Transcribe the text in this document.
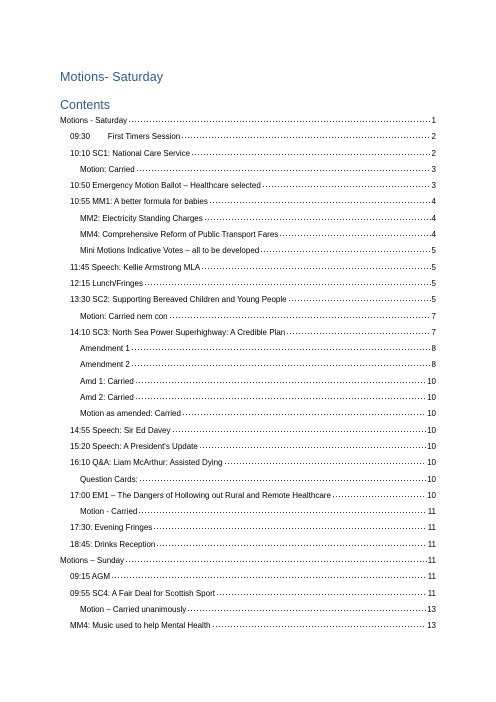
Motions- Saturday
Contents
Motions - Saturday	1
09:30        First Timers Session	2
10:10 SC1: National Care Service	2
Motion: Carried	3
10:50 Emergency Motion Ballot – Healthcare selected	3
10:55 MM1: A better formula for babies	4
MM2: Electricity Standing Charges	4
MM4: Comprehensive Reform of Public Transport Fares	4
Mini Motions Indicative Votes – all to be developed	5
11:45 Speech: Kellie Armstrong MLA	5
12:15 Lunch/Fringes	5
13:30 SC2: Supporting Bereaved Children and Young People	5
Motion: Carried nem con	7
14:10 SC3: North Sea Power Superhighway: A Credible Plan	7
Amendment 1	8
Amendment 2	8
Amd 1: Carried	10
Amd 2: Carried	10
Motion as amended: Carried	10
14:55 Speech: Sir Ed Davey	10
15:20 Speech: A President's Update	10
16:10 Q&A: Liam McArthur: Assisted Dying	10
Question Cards:	10
17:00 EM1 – The Dangers of Hollowing out Rural and Remote Healthcare	10
Motion - Carried	11
17:30: Evening Fringes	11
18:45: Drinks Reception	11
Motions – Sunday	11
09:15 AGM	11
09:55 SC4: A Fair Deal for Scottish Sport	11
Motion – Carried unanimously	13
MM4: Music used to help Mental Health	13
